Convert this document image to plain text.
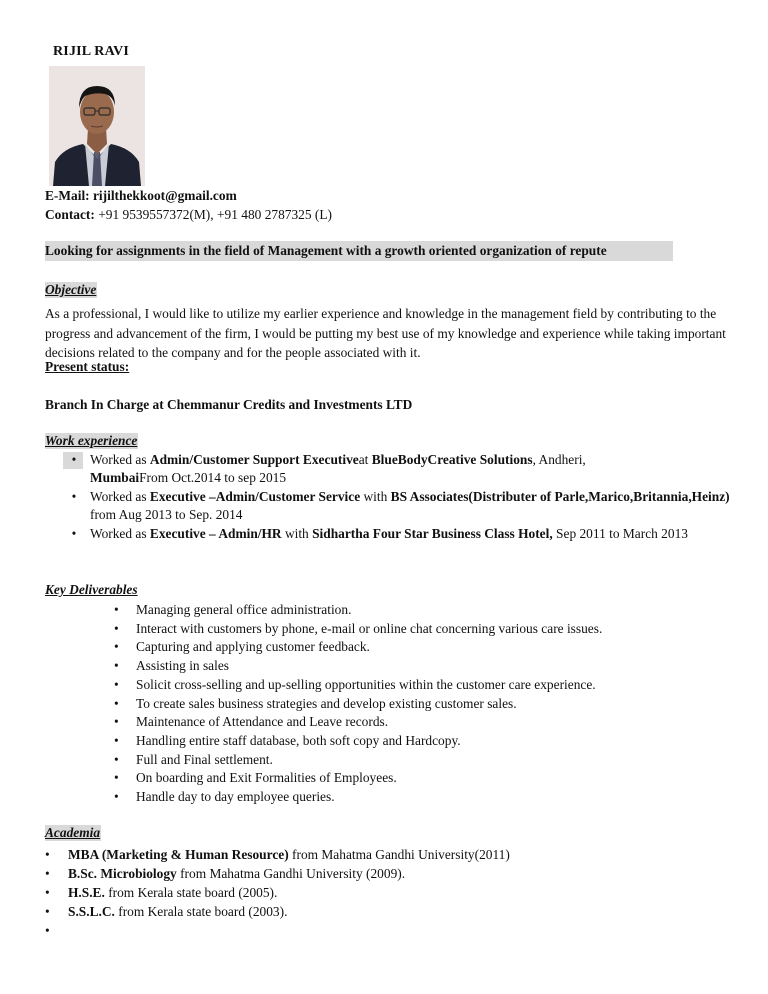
RIJIL RAVI
E-Mail: rijilthekkoot@gmail.com
Contact: +91 9539557372(M), +91 480 2787325 (L)
Looking for assignments in the field of Management with a growth oriented organization of repute
Objective
As a professional, I would like to utilize my earlier experience and knowledge in the management field by contributing to the progress and advancement of the firm, I would be putting my best use of my knowledge and experience while taking important decisions related to the company and for the people associated with it.
Present status:
Branch In Charge at Chemmanur Credits and Investments LTD
Work experience
•	Worked as Admin/Customer Support Executiveat BlueBodyCreative Solutions, Andheri,
MumbaiFrom Oct.2014 to sep 2015
•	Worked as Executive –Admin/Customer Service with BS Associates(Distributer of Parle,Marico,Britannia,Heinz) from Aug 2013 to Sep. 2014
•	Worked as Executive – Admin/HR with Sidhartha Four Star Business Class Hotel, Sep 2011 to March 2013
Key Deliverables
• Managing general office administration.
• Interact with customers by phone, e-mail or online chat concerning various care issues.
• Capturing and applying customer feedback.
• Assisting in sales
• Solicit cross-selling and up-selling opportunities within the customer care experience.
• To create sales business strategies and develop existing customer sales.
• Maintenance of Attendance and Leave records.
• Handling entire staff database, both soft copy and Hardcopy.
• Full and Final settlement.
• On boarding and Exit Formalities of Employees.
• Handle day to day employee queries.
Academia
• MBA (Marketing & Human Resource) from Mahatma Gandhi University(2011)
• B.Sc. Microbiology from Mahatma Gandhi University (2009).
• H.S.E. from Kerala state board (2005).
• S.S.L.C. from Kerala state board (2003).
•
